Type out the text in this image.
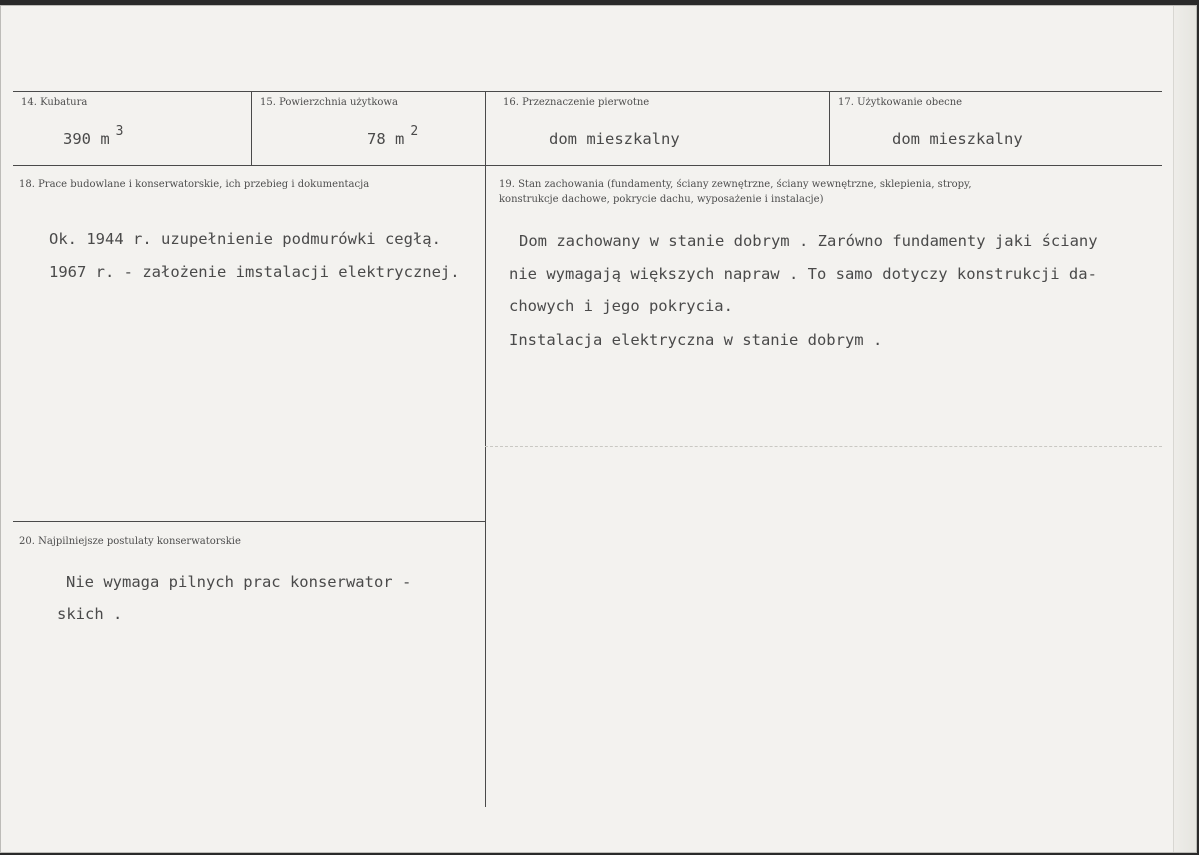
14. Kubatura
390 m $^3$
15. Powierzchnia użytkowa
78 m $^2$
16. Przeznaczenie pierwotne
dom mieszkalny
17. Użytkowanie obecne
dom mieszkalny
18. Prace budowlane i konserwatorskie, ich przebieg i dokumentacja
Ok. 1944 r. uzupełnienie podmurówki cegłą.
1967 r. - założenie imstalacji elektrycznej.
19. Stan zachowania (fundamenty, ściany zewnętrzne, ściany wewnętrzne, sklepienia, stropy,
konstrukcje dachowe, pokrycie dachu, wyposażenie i instalacje)
Dom zachowany w stanie dobrym . Zarówno fundamenty jaki ściany
nie wymagają większych napraw . To samo dotyczy konstrukcji da-
chowych i jego pokrycia.
Instalacja elektryczna w stanie dobrym .
20. Najpilniejsze postulaty konserwatorskie
Nie wymaga pilnych prac konserwator -
skich .
